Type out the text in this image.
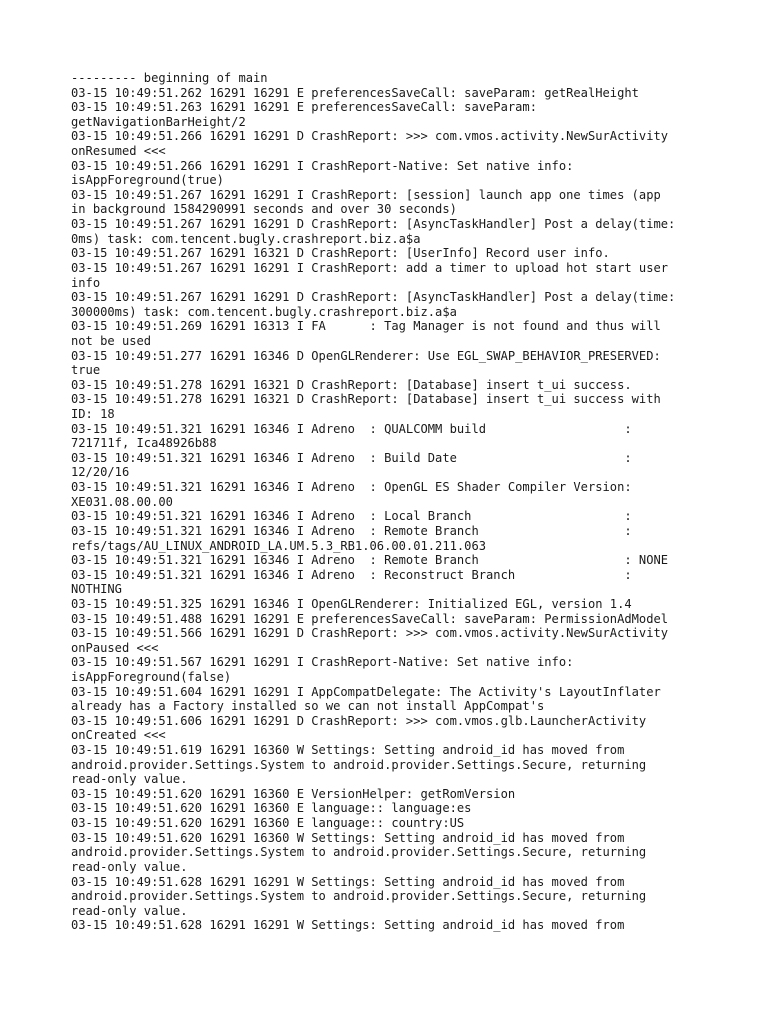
--------- beginning of main
03-15 10:49:51.262 16291 16291 E preferencesSaveCall: saveParam: getRealHeight
03-15 10:49:51.263 16291 16291 E preferencesSaveCall: saveParam:
getNavigationBarHeight/2
03-15 10:49:51.266 16291 16291 D CrashReport: >>> com.vmos.activity.NewSurActivity
onResumed <<<
03-15 10:49:51.266 16291 16291 I CrashReport-Native: Set native info:
isAppForeground(true)
03-15 10:49:51.267 16291 16291 I CrashReport: [session] launch app one times (app
in background 1584290991 seconds and over 30 seconds)
03-15 10:49:51.267 16291 16291 D CrashReport: [AsyncTaskHandler] Post a delay(time:
0ms) task: com.tencent.bugly.crashreport.biz.a$a
03-15 10:49:51.267 16291 16321 D CrashReport: [UserInfo] Record user info.
03-15 10:49:51.267 16291 16291 I CrashReport: add a timer to upload hot start user
info
03-15 10:49:51.267 16291 16291 D CrashReport: [AsyncTaskHandler] Post a delay(time:
300000ms) task: com.tencent.bugly.crashreport.biz.a$a
03-15 10:49:51.269 16291 16313 I FA      : Tag Manager is not found and thus will
not be used
03-15 10:49:51.277 16291 16346 D OpenGLRenderer: Use EGL_SWAP_BEHAVIOR_PRESERVED:
true
03-15 10:49:51.278 16291 16321 D CrashReport: [Database] insert t_ui success.
03-15 10:49:51.278 16291 16321 D CrashReport: [Database] insert t_ui success with
ID: 18
03-15 10:49:51.321 16291 16346 I Adreno  : QUALCOMM build                   :
721711f, Ica48926b88
03-15 10:49:51.321 16291 16346 I Adreno  : Build Date                       :
12/20/16
03-15 10:49:51.321 16291 16346 I Adreno  : OpenGL ES Shader Compiler Version:
XE031.08.00.00
03-15 10:49:51.321 16291 16346 I Adreno  : Local Branch                     :
03-15 10:49:51.321 16291 16346 I Adreno  : Remote Branch                    :
refs/tags/AU_LINUX_ANDROID_LA.UM.5.3_RB1.06.00.01.211.063
03-15 10:49:51.321 16291 16346 I Adreno  : Remote Branch                    : NONE
03-15 10:49:51.321 16291 16346 I Adreno  : Reconstruct Branch               :
NOTHING
03-15 10:49:51.325 16291 16346 I OpenGLRenderer: Initialized EGL, version 1.4
03-15 10:49:51.488 16291 16291 E preferencesSaveCall: saveParam: PermissionAdModel
03-15 10:49:51.566 16291 16291 D CrashReport: >>> com.vmos.activity.NewSurActivity
onPaused <<<
03-15 10:49:51.567 16291 16291 I CrashReport-Native: Set native info:
isAppForeground(false)
03-15 10:49:51.604 16291 16291 I AppCompatDelegate: The Activity's LayoutInflater
already has a Factory installed so we can not install AppCompat's
03-15 10:49:51.606 16291 16291 D CrashReport: >>> com.vmos.glb.LauncherActivity
onCreated <<<
03-15 10:49:51.619 16291 16360 W Settings: Setting android_id has moved from
android.provider.Settings.System to android.provider.Settings.Secure, returning
read-only value.
03-15 10:49:51.620 16291 16360 E VersionHelper: getRomVersion
03-15 10:49:51.620 16291 16360 E language:: language:es
03-15 10:49:51.620 16291 16360 E language:: country:US
03-15 10:49:51.620 16291 16360 W Settings: Setting android_id has moved from
android.provider.Settings.System to android.provider.Settings.Secure, returning
read-only value.
03-15 10:49:51.628 16291 16291 W Settings: Setting android_id has moved from
android.provider.Settings.System to android.provider.Settings.Secure, returning
read-only value.
03-15 10:49:51.628 16291 16291 W Settings: Setting android_id has moved from
